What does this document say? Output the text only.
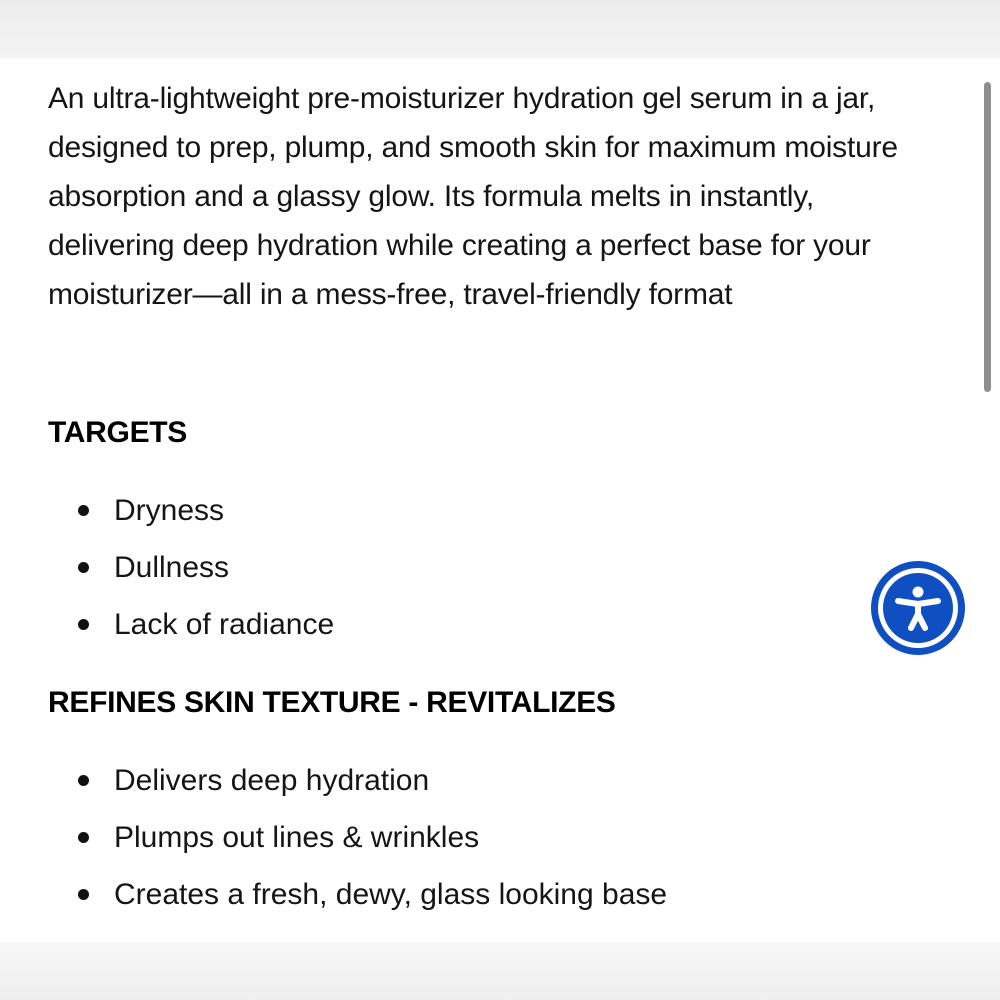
An ultra-lightweight pre-moisturizer hydration gel serum in a jar, designed to prep, plump, and smooth skin for maximum moisture absorption and a glassy glow. Its formula melts in instantly, delivering deep hydration while creating a perfect base for your moisturizer—all in a mess-free, travel-friendly format

TARGETS
Dryness
Dullness
Lack of radiance
REFINES SKIN TEXTURE - REVITALIZES
Delivers deep hydration
Plumps out lines & wrinkles
Creates a fresh, dewy, glass looking base
